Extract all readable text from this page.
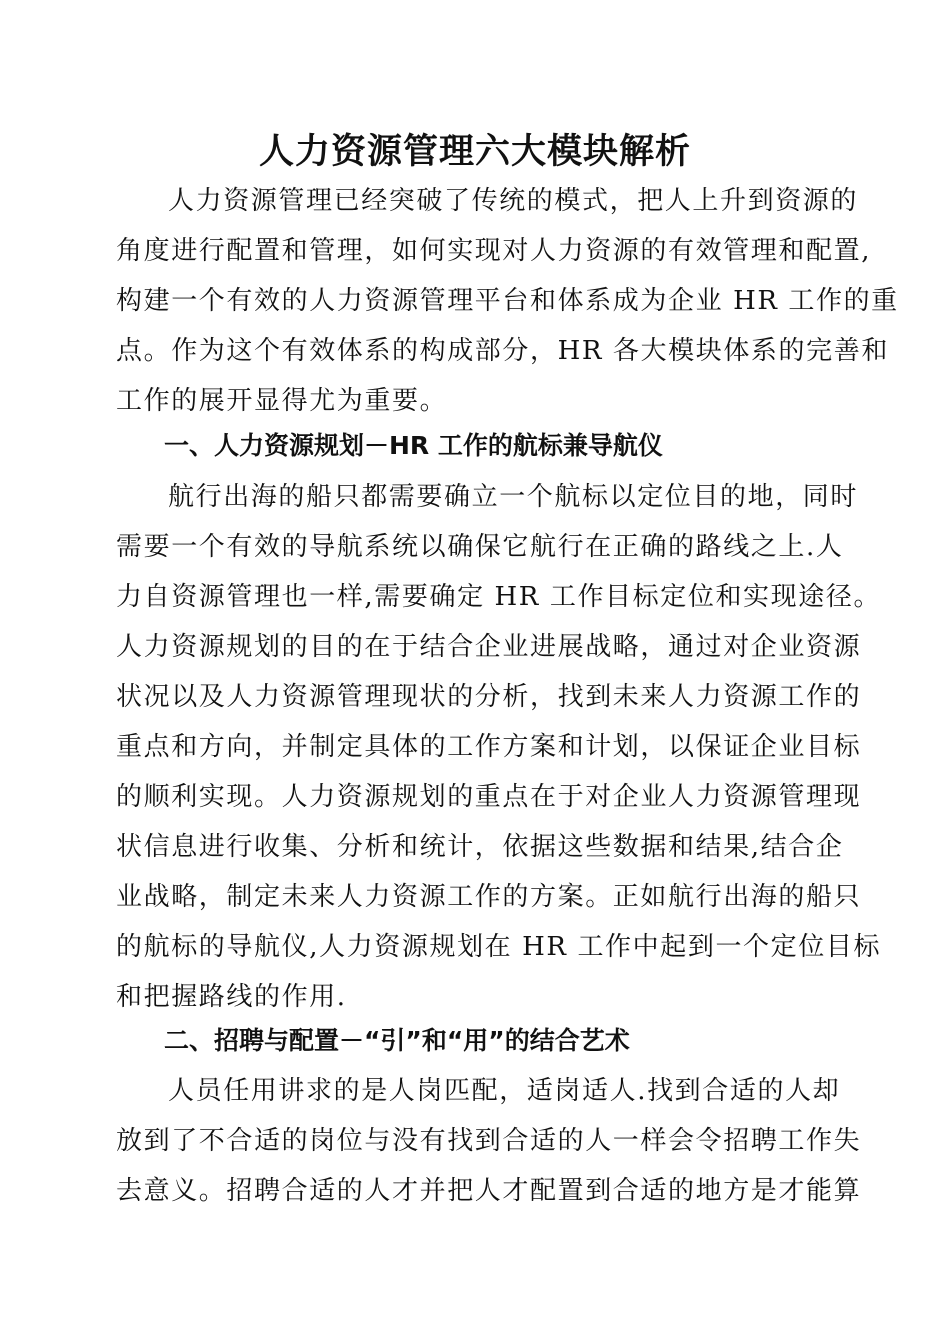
人力资源管理六大模块解析
人力资源管理已经突破了传统的模式，把人上升到资源的
角度进行配置和管理，如何实现对人力资源的有效管理和配置,
构建一个有效的人力资源管理平台和体系成为企业 HR 工作的重
点。作为这个有效体系的构成部分，HR 各大模块体系的完善和
工作的展开显得尤为重要。
一、人力资源规划－HR 工作的航标兼导航仪
航行出海的船只都需要确立一个航标以定位目的地，同时
需要一个有效的导航系统以确保它航行在正确的路线之上.人
力自资源管理也一样,需要确定 HR 工作目标定位和实现途径。
人力资源规划的目的在于结合企业进展战略，通过对企业资源
状况以及人力资源管理现状的分析，找到未来人力资源工作的
重点和方向，并制定具体的工作方案和计划，以保证企业目标
的顺利实现。人力资源规划的重点在于对企业人力资源管理现
状信息进行收集、分析和统计，依据这些数据和结果,结合企
业战略，制定未来人力资源工作的方案。正如航行出海的船只
的航标的导航仪,人力资源规划在 HR 工作中起到一个定位目标
和把握路线的作用.
二、招聘与配置－“引”和“用”的结合艺术
人员任用讲求的是人岗匹配，适岗适人.找到合适的人却
放到了不合适的岗位与没有找到合适的人一样会令招聘工作失
去意义。招聘合适的人才并把人才配置到合适的地方是才能算
